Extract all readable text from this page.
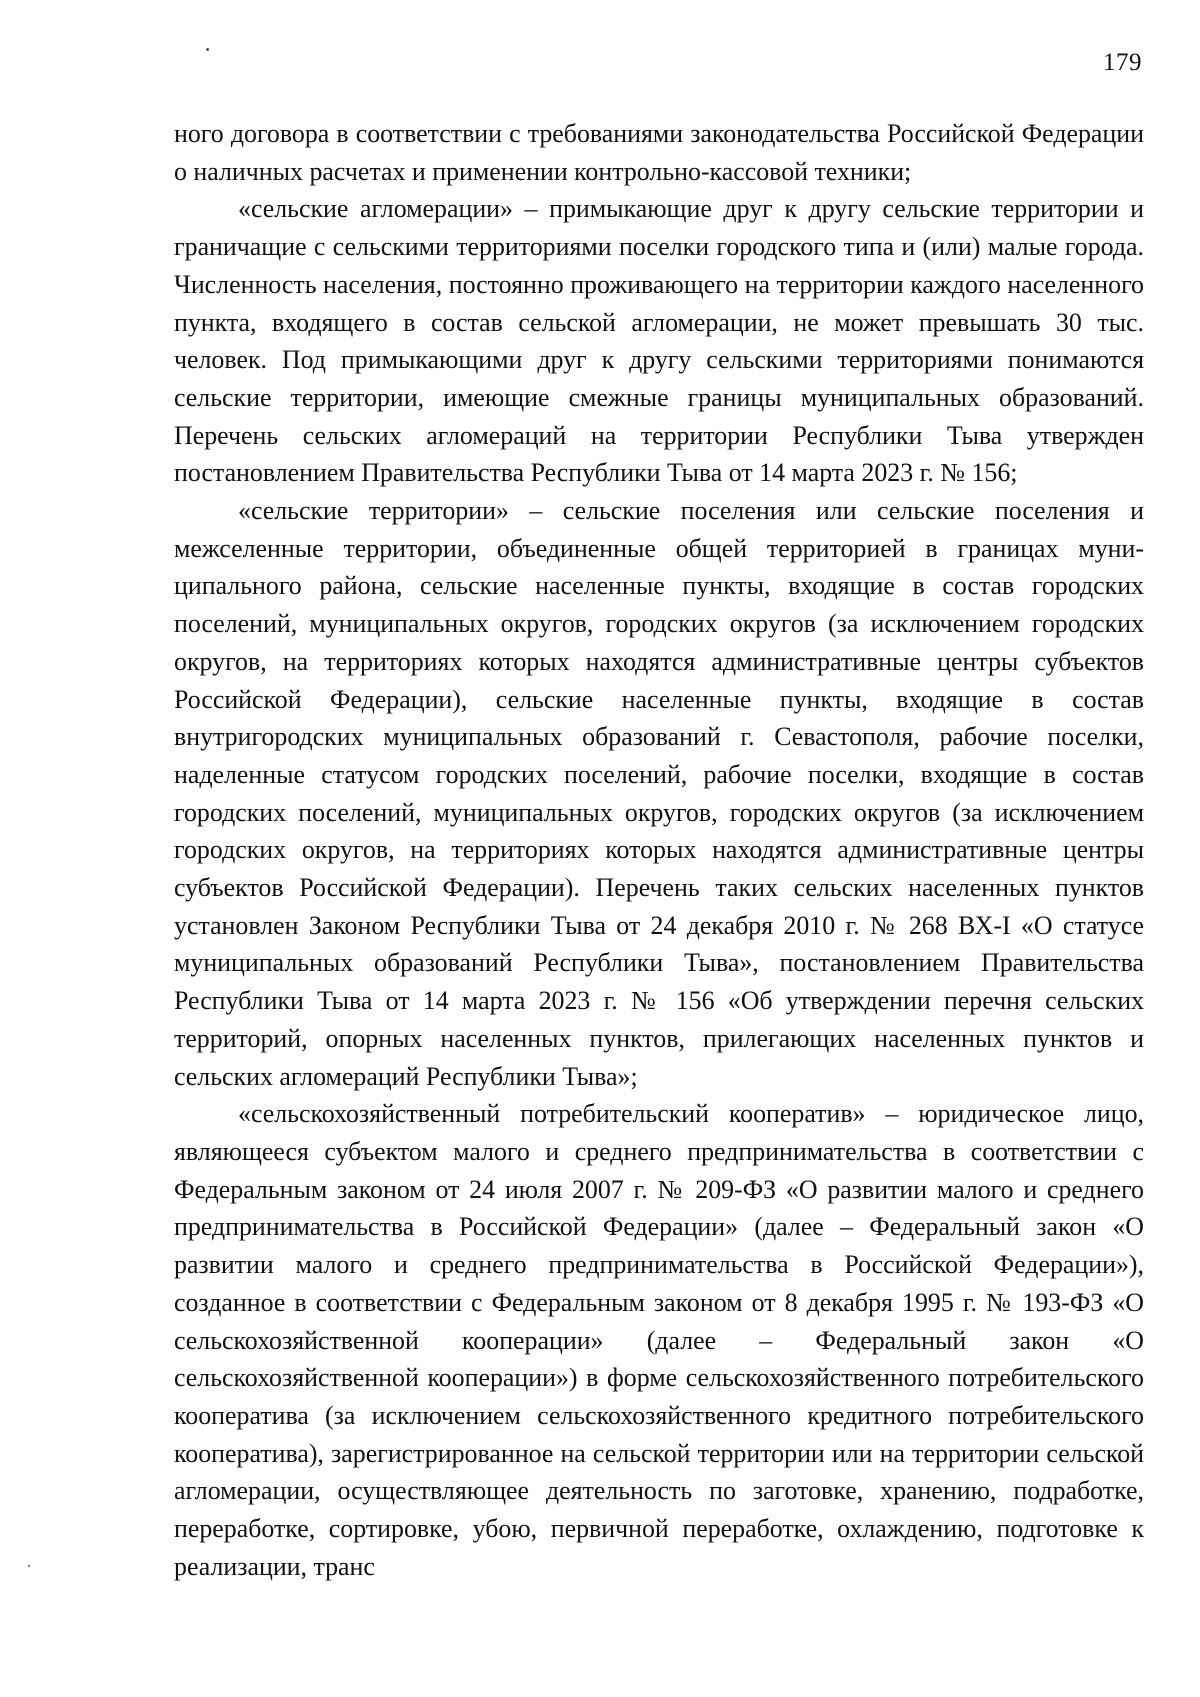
179

ного договора в соответствии с требованиями законодательства Российской Федерации о наличных расчетах и применении контрольно-кассовой техники;

«сельские агломерации» – примыкающие друг к другу сельские территории и граничащие с сельскими территориями поселки городского типа и (или) малые города. Численность населения, постоянно проживающего на территории каждого населенного пункта, входящего в состав сельской агломерации, не может превышать 30 тыс. человек. Под примыкающими друг к другу сельскими территориями понимаются сельские территории, имеющие смежные границы муниципальных образований. Перечень сельских агломераций на территории Республики Тыва утвержден постановлением Правительства Республики Тыва от 14 марта 2023 г. № 156;

«сельские территории» – сельские поселения или сельские поселения и межселенные территории, объединенные общей территорией в границах муниципального района, сельские населенные пункты, входящие в состав городских поселений, муниципальных округов, городских округов (за исключением городских округов, на территориях которых находятся административные центры субъектов Российской Федерации), сельские населенные пункты, входящие в состав внутригородских муниципальных образований г. Севастополя, рабочие поселки, наделенные статусом городских поселений, рабочие поселки, входящие в состав городских поселений, муниципальных округов, городских округов (за исключением городских округов, на территориях которых находятся административные центры субъектов Российской Федерации). Перечень таких сельских населенных пунктов установлен Законом Республики Тыва от 24 декабря 2010 г. № 268 ВХ-I «О статусе муниципальных образований Республики Тыва», постановлением Правительства Республики Тыва от 14 марта 2023 г. № 156 «Об утверждении перечня сельских территорий, опорных населенных пунктов, прилегающих населенных пунктов и сельских агломераций Республики Тыва»;

«сельскохозяйственный потребительский кооператив» – юридическое лицо, являющееся субъектом малого и среднего предпринимательства в соответствии с Федеральным законом от 24 июля 2007 г. № 209-ФЗ «О развитии малого и среднего предпринимательства в Российской Федерации» (далее – Федеральный закон «О развитии малого и среднего предпринимательства в Российской Федерации»), созданное в соответствии с Федеральным законом от 8 декабря 1995 г. № 193-ФЗ «О сельскохозяйственной кооперации» (далее – Федеральный закон «О сельскохозяйственной кооперации») в форме сельскохозяйственного потребительского кооператива (за исключением сельскохозяйственного кредитного потребительского кооператива), зарегистрированное на сельской территории или на территории сельской агломерации, осуществляющее деятельность по заготовке, хранению, подработке, переработке, сортировке, убою, первичной переработке, охлаждению, подготовке к реализации, транс
